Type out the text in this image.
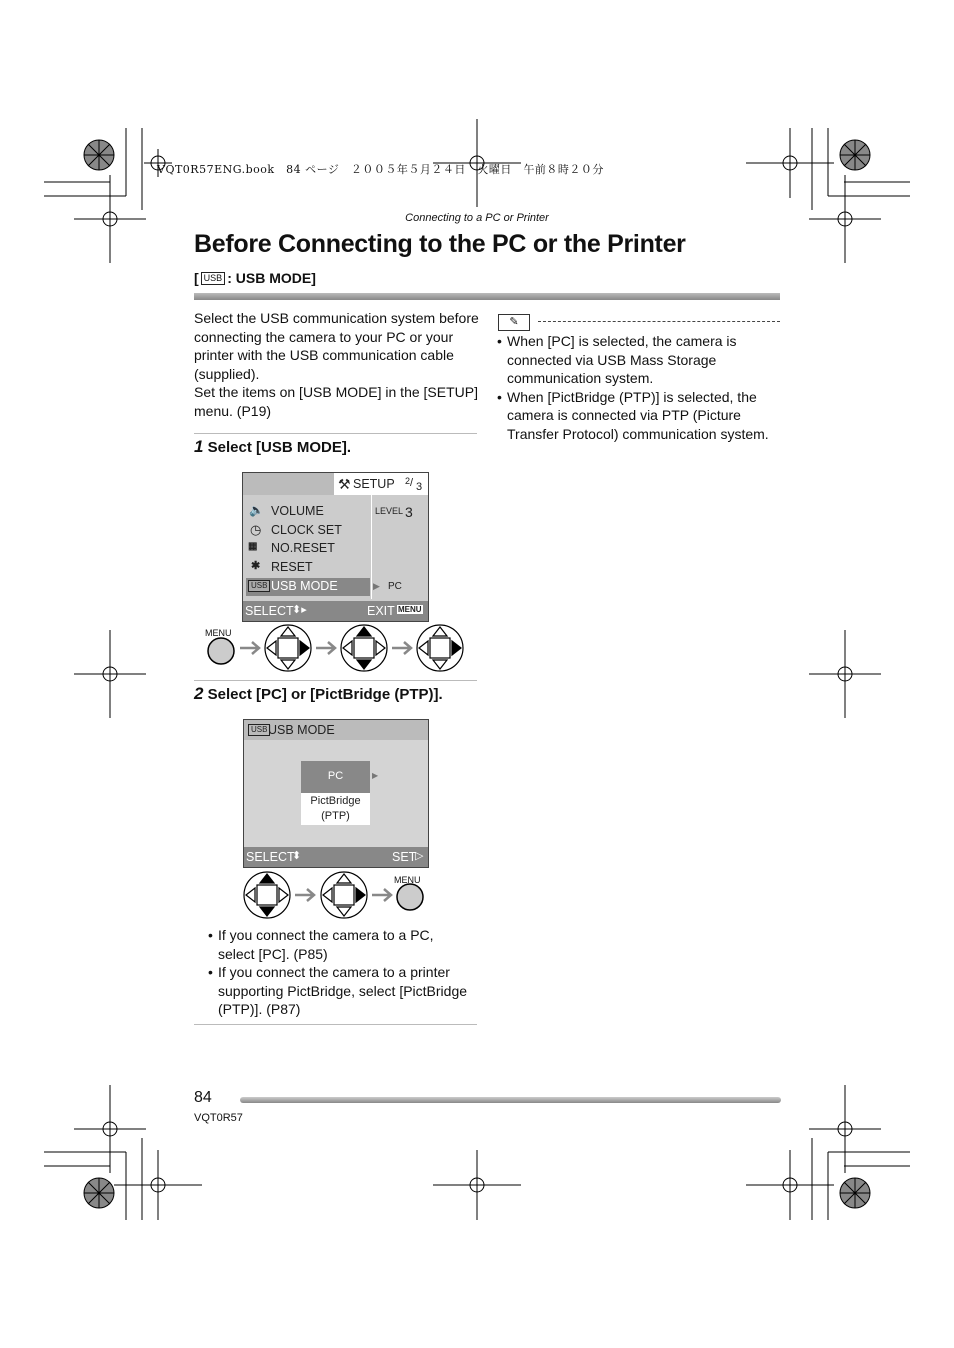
VQT0R57ENG.book　84 ページ　２００５年５月２４日　火曜日　午前８時２０分
Connecting to a PC or Printer
Before Connecting to the PC or the Printer
[ USB : USB MODE]

Select the USB communication system before connecting the camera to your PC or your printer with the USB communication cable (supplied).

Set the items on [USB MODE] in the [SETUP] menu. (P19)

1 Select [USB MODE].
⚒ SETUP 2 / 3
🔈 VOLUME
◷ CLOCK SET
▦ NO.RESET
✱ RESET
USB USB MODE
LEVEL 3
▶ PC
SELECT
⬍▸	EXIT MENU
MENU
2 Select [PC] or [PictBridge (PTP)].
USB USB MODE
PC	▶
PictBridge
(PTP)
SELECT
⬍	SET
▷
MENU
• If you connect the camera to a PC, select [PC]. (P85)
• If you connect the camera to a printer supporting PictBridge, select [PictBridge (PTP)]. (P87)
✎
• When [PC] is selected, the camera is connected via USB Mass Storage communication system.
• When [PictBridge (PTP)] is selected, the camera is connected via PTP (Picture Transfer Protocol) communication system.
84
VQT0R57
